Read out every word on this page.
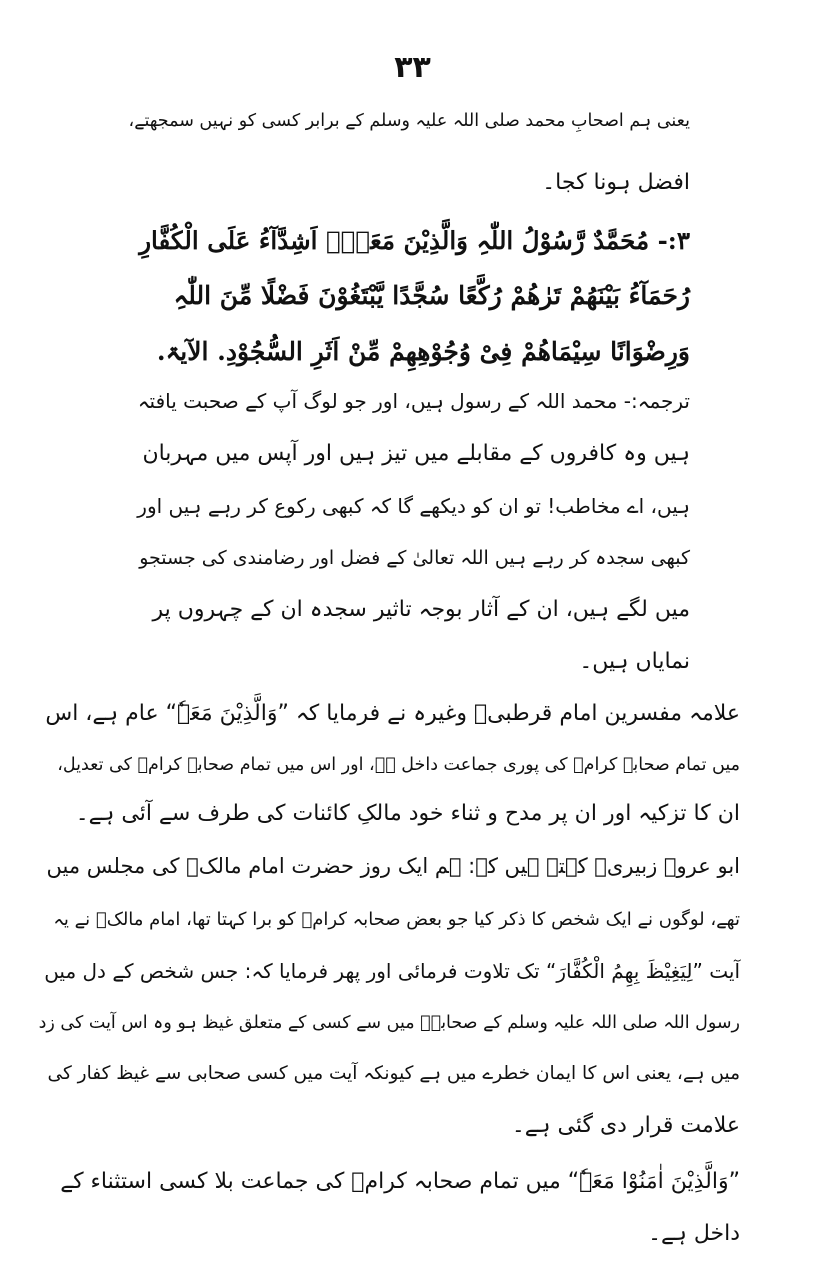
۳۳
یعنی ہم اصحابِ محمد صلی اللہ علیہ وسلم کے برابر کسی کو نہیں سمجھتے،
افضل ہونا کجا۔
۳:- مُحَمَّدٌ رَّسُوْلُ اللّٰہِ وَالَّذِیْنَ مَعَہٗۤ اَشِدَّآءُ عَلَی الْکُفَّارِ
رُحَمَآءُ بَیْنَھُمْ تَرٰھُمْ رُکَّعًا سُجَّدًا یَّبْتَغُوْنَ فَضْلًا مِّنَ اللّٰہِ
وَرِضْوَانًا سِیْمَاھُمْ فِیْ وُجُوْھِھِمْ مِّنْ اَثَرِ السُّجُوْدِ. الآیۃ.
ترجمہ:- محمد اللہ کے رسول ہیں، اور جو لوگ آپ کے صحبت یافتہ
ہیں وہ کافروں کے مقابلے میں تیز ہیں اور آپس میں مہربان
ہیں، اے مخاطب! تو ان کو دیکھے گا کہ کبھی رکوع کر رہے ہیں اور
کبھی سجدہ کر رہے ہیں اللہ تعالیٰ کے فضل اور رضامندی کی جستجو
میں لگے ہیں، ان کے آثار بوجہ تاثیر سجدہ ان کے چہروں پر
نمایاں ہیں۔
علامہ مفسرین امام قرطبیؒ وغیرہ نے فرمایا کہ ”وَالَّذِیْنَ مَعَہٗ“ عام ہے، اس
میں تمام صحابہ کرامؓ کی پوری جماعت داخل ہے، اور اس میں تمام صحابہ کرامؓ کی تعدیل،
ان کا تزکیہ اور ان پر مدح و ثناء خود مالکِ کائنات کی طرف سے آئی ہے۔
ابو عروہ زبیریؒ کہتے ہیں کہ: ہم ایک روز حضرت امام مالکؒ کی مجلس میں
تھے، لوگوں نے ایک شخص کا ذکر کیا جو بعض صحابہ کرامؓ کو برا کہتا تھا، امام مالکؒ نے یہ
آیت ”لِیَغِیْظَ بِھِمُ الْکُفَّارَ“ تک تلاوت فرمائی اور پھر فرمایا کہ: جس شخص کے دل میں
رسول اللہ صلی اللہ علیہ وسلم کے صحابہؓ میں سے کسی کے متعلق غیظ ہو وہ اس آیت کی زد
میں ہے، یعنی اس کا ایمان خطرے میں ہے کیونکہ آیت میں کسی صحابی سے غیظ کفار کی
علامت قرار دی گئی ہے۔
”وَالَّذِیْنَ اٰمَنُوْا مَعَہٗ“ میں تمام صحابہ کرامؓ کی جماعت بلا کسی استثناء کے
داخل ہے۔
